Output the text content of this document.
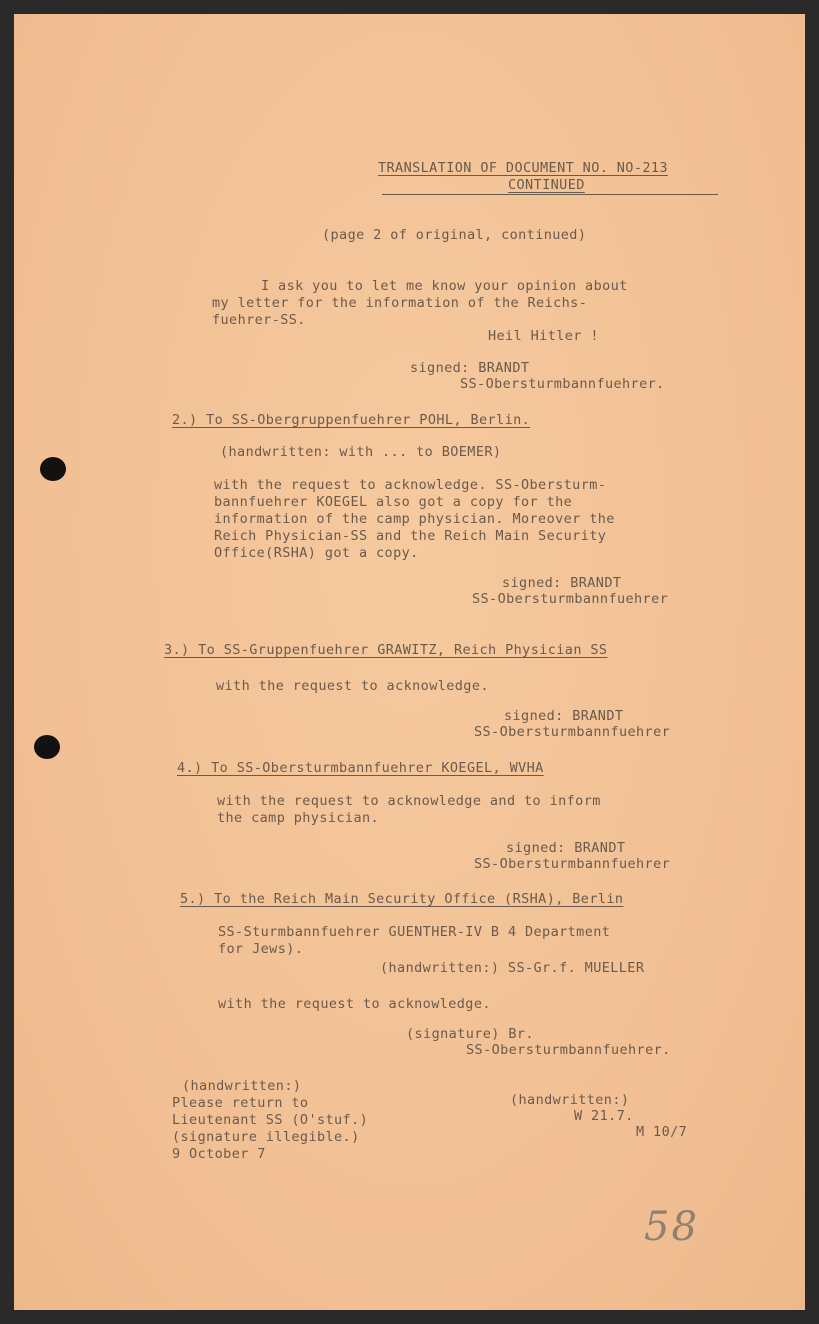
TRANSLATION OF DOCUMENT NO. NO-213
CONTINUED
(page 2 of original, continued)
I ask you to let me know your opinion about
my letter for the information of the Reichs-
fuehrer-SS.
Heil Hitler !
signed: BRANDT
SS-Obersturmbannfuehrer.
2.) To SS-Obergruppenfuehrer POHL, Berlin.
(handwritten: with ... to BOEMER)
with the request to acknowledge. SS-Obersturm-
bannfuehrer KOEGEL also got a copy for the
information of the camp physician. Moreover the
Reich Physician-SS and the Reich Main Security
Office(RSHA) got a copy.
signed: BRANDT
SS-Obersturmbannfuehrer
3.) To SS-Gruppenfuehrer GRAWITZ, Reich Physician SS
with the request to acknowledge.
signed: BRANDT
SS-Obersturmbannfuehrer
4.) To SS-Obersturmbannfuehrer KOEGEL, WVHA
with the request to acknowledge and to inform
the camp physician.
signed: BRANDT
SS-Obersturmbannfuehrer
5.) To the Reich Main Security Office (RSHA), Berlin
SS-Sturmbannfuehrer GUENTHER-IV B 4 Department
for Jews).
(handwritten:) SS-Gr.f. MUELLER
with the request to acknowledge.
(signature) Br.
SS-Obersturmbannfuehrer.
(handwritten:)
Please return to
Lieutenant SS (O'stuf.)
(signature illegible.)
9 October 7
(handwritten:)
W 21.7.
M 10/7
58
